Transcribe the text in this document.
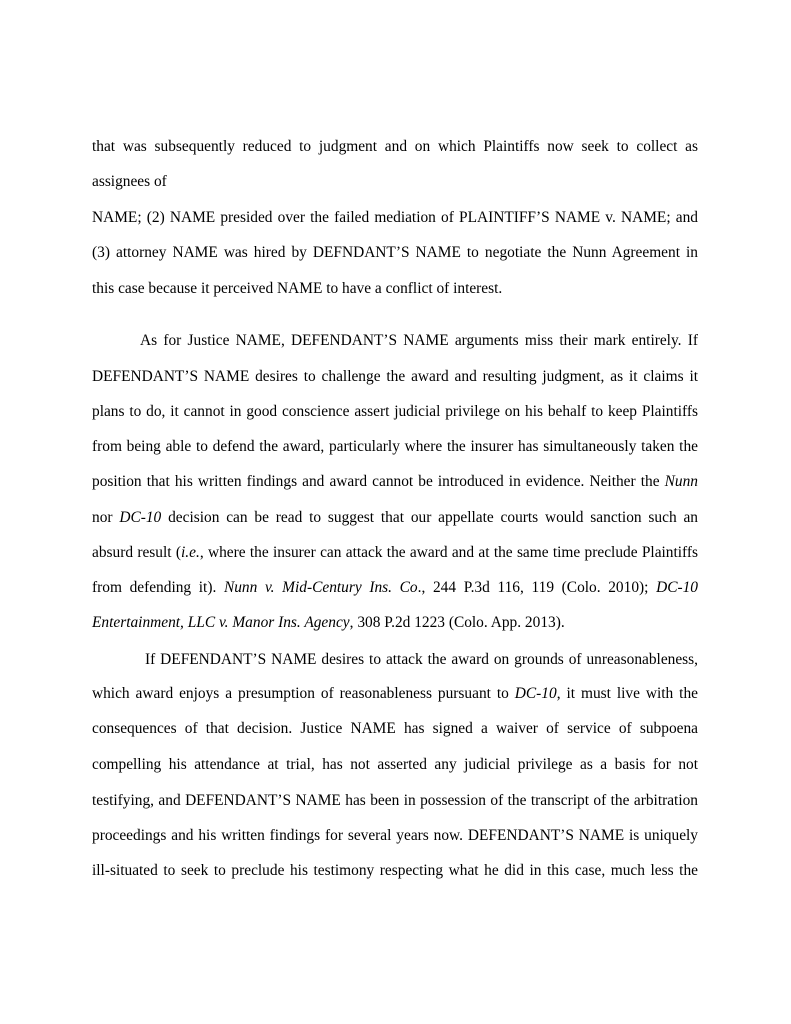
that was subsequently reduced to judgment and on which Plaintiffs now seek to collect as
assignees of
NAME; (2) NAME presided over the failed mediation of PLAINTIFF’S NAME v. NAME; and
(3) attorney NAME was hired by DEFNDANT’S NAME to negotiate the Nunn Agreement in
this case because it perceived NAME to have a conflict of interest.
As for Justice NAME, DEFENDANT’S NAME arguments miss their mark entirely. If
DEFENDANT’S NAME desires to challenge the award and resulting judgment, as it claims it
plans to do, it cannot in good conscience assert judicial privilege on his behalf to keep Plaintiffs
from being able to defend the award, particularly where the insurer has simultaneously taken the
position that his written findings and award cannot be introduced in evidence. Neither the Nunn
nor DC-10 decision can be read to suggest that our appellate courts would sanction such an
absurd result (i.e., where the insurer can attack the award and at the same time preclude Plaintiffs
from defending it). Nunn v. Mid-Century Ins. Co., 244 P.3d 116, 119 (Colo. 2010); DC-10
Entertainment, LLC v. Manor Ins. Agency, 308 P.2d 1223 (Colo. App. 2013).
If DEFENDANT’S NAME desires to attack the award on grounds of unreasonableness,
which award enjoys a presumption of reasonableness pursuant to DC-10, it must live with the
consequences of that decision. Justice NAME has signed a waiver of service of subpoena
compelling his attendance at trial, has not asserted any judicial privilege as a basis for not
testifying, and DEFENDANT’S NAME has been in possession of the transcript of the arbitration
proceedings and his written findings for several years now. DEFENDANT’S NAME is uniquely
ill-situated to seek to preclude his testimony respecting what he did in this case, much less the
